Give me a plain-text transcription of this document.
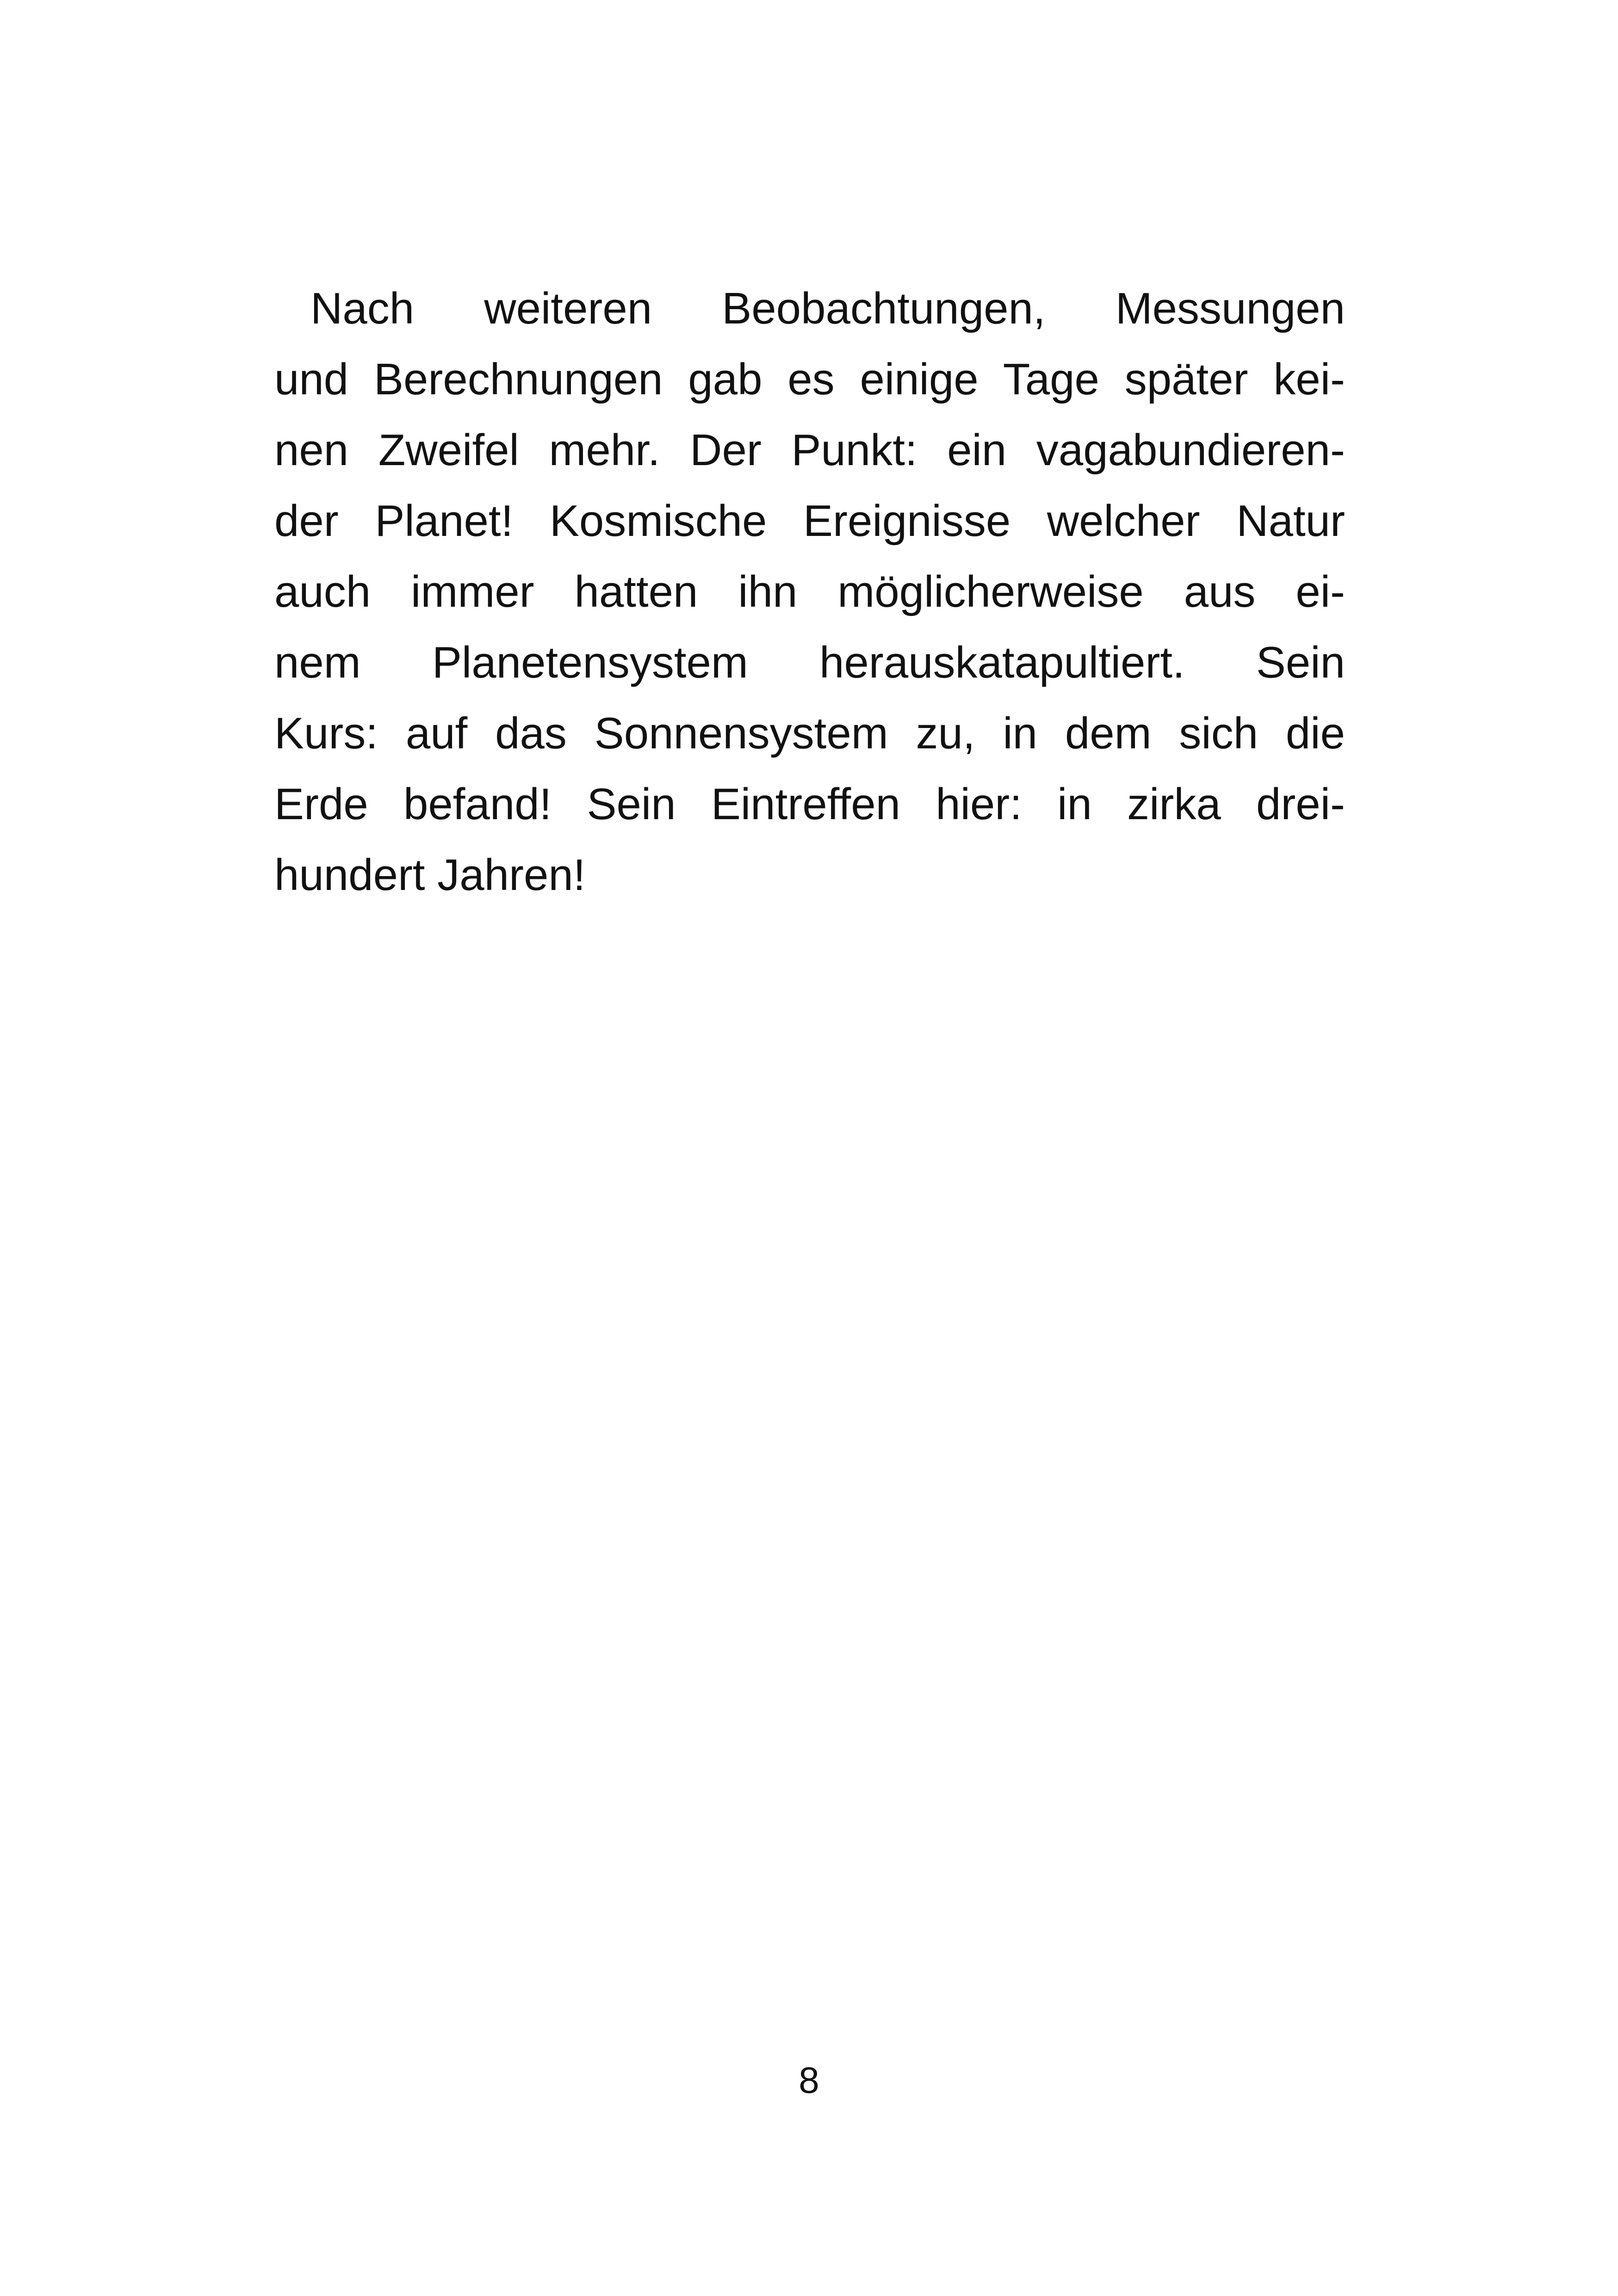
Nach weiteren Beobachtungen, Messungen
und Berechnungen gab es einige Tage später kei-
nen Zweifel mehr. Der Punkt: ein vagabundieren-
der Planet! Kosmische Ereignisse welcher Natur
auch immer hatten ihn möglicherweise aus ei-
nem Planetensystem herauskatapultiert. Sein
Kurs: auf das Sonnensystem zu, in dem sich die
Erde befand! Sein Eintreffen hier: in zirka drei-
hundert Jahren!
8
